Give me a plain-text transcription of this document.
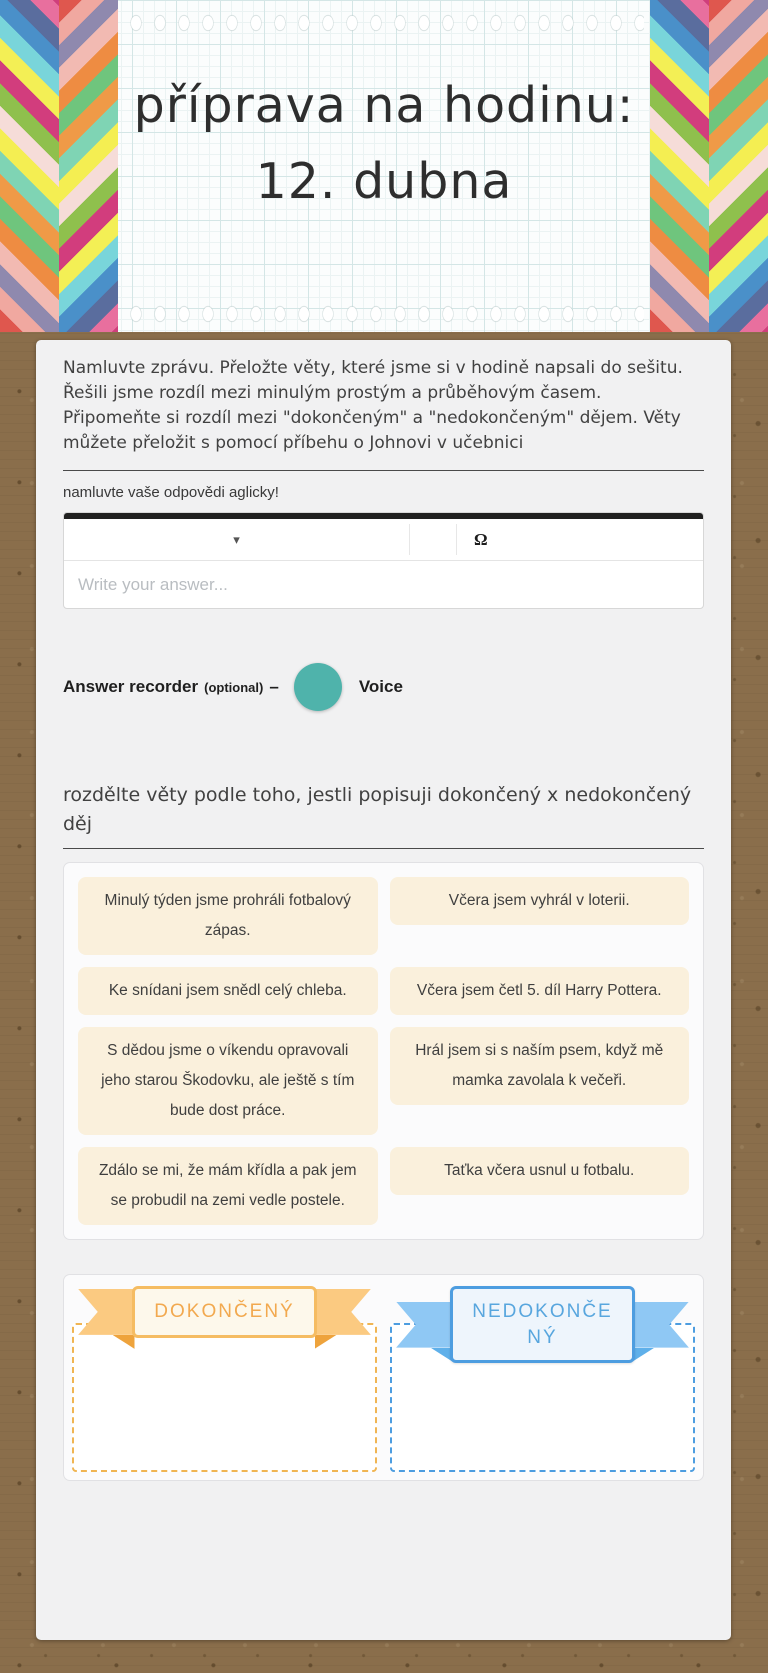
příprava na hodinu: 12. dubna

Namluvte zprávu. Přeložte věty, které jsme si v hodině napsali do sešitu. Řešili jsme rozdíl mezi minulým prostým a průběhovým časem. Připomeňte si rozdíl mezi "dokončeným" a "nedokončeným" dějem. Věty můžete přeložit s pomocí příbehu o Johnovi v učebnici

namluvte vaše odpovědi aglicky!
▾	Ω
Write your answer...
Answer recorder (optional) –	Voice

rozdělte věty podle toho, jestli popisuji dokončený x nedokončený děj

Minulý týden jsme prohráli fotbalový zápas.
Včera jsem vyhrál v loterii.
Ke snídani jsem snědl celý chleba.	Včera jsem četl 5. díl Harry Pottera.
S dědou jsme o víkendu opravovali jeho starou Škodovku, ale ještě s tím bude dost práce.
Hrál jsem si s naším psem, když mě mamka zavolala k večeři.
Zdálo se mi, že mám křídla a pak jem se probudil na zemi vedle postele.
Taťka včera usnul u fotbalu.
DOKONČENÝ	NEDOKONČENÝ
